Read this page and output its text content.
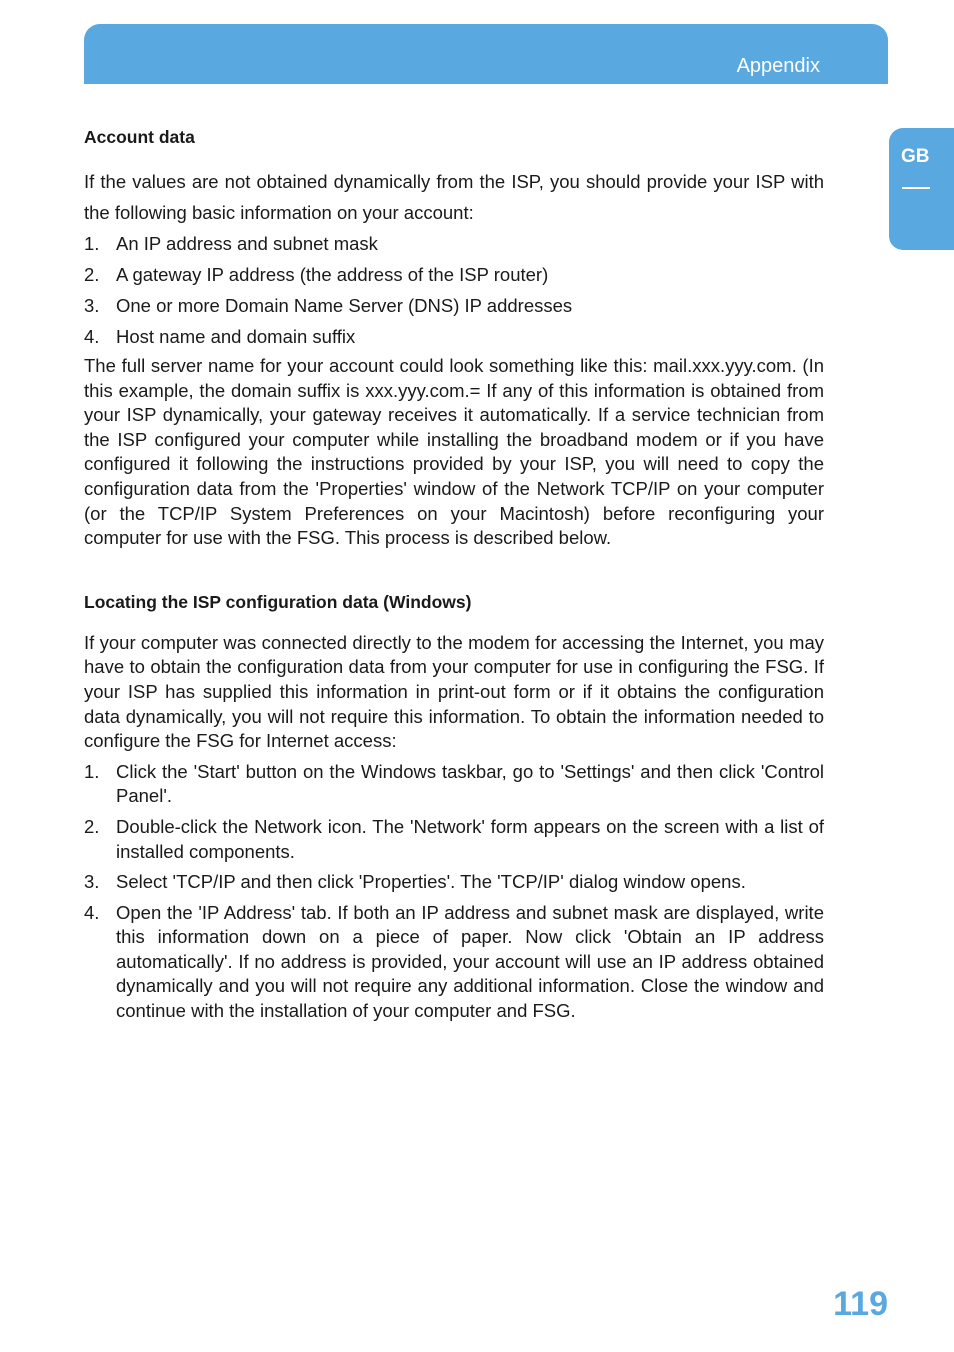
Appendix
GB
Account data

If the values are not obtained dynamically from the ISP, you should provide your ISP with the following basic information on your account:

1. An IP address and subnet mask
2. A gateway IP address (the address of the ISP router)
3. One or more Domain Name Server (DNS) IP addresses
4. Host name and domain suffix

The full server name for your account could look something like this: mail.xxx.yyy.com. (In this example, the domain suffix is xxx.yyy.com.= If any of this information is obtained from your ISP dynamically, your gateway receives it automatically. If a service technician from the ISP configured your computer while installing the broadband modem or if you have configured it following the instructions provided by your ISP, you will need to copy the configuration data from the 'Properties' window of the Network TCP/IP on your computer (or the TCP/IP System Preferences on your Macintosh) before reconfiguring your computer for use with the FSG. This process is described below.

Locating the ISP configuration data (Windows)

If your computer was connected directly to the modem for accessing the Internet, you may have to obtain the configuration data from your computer for use in configuring the FSG. If your ISP has supplied this information in print-out form or if it obtains the configuration data dynamically, you will not require this information. To obtain the information needed to configure the FSG for Internet access:

1. Click the 'Start' button on the Windows taskbar, go to 'Settings' and then click 'Control Panel'.
2. Double-click the Network icon. The 'Network' form appears on the screen with a list of installed components.
3. Select 'TCP/IP and then click 'Properties'. The 'TCP/IP' dialog window opens.
4. Open the 'IP Address' tab. If both an IP address and subnet mask are displayed, write this information down on a piece of paper. Now click 'Obtain an IP address automatically'. If no address is provided, your account will use an IP address obtained dynamically and you will not require any additional information. Close the window and continue with the installation of your computer and FSG.
119
